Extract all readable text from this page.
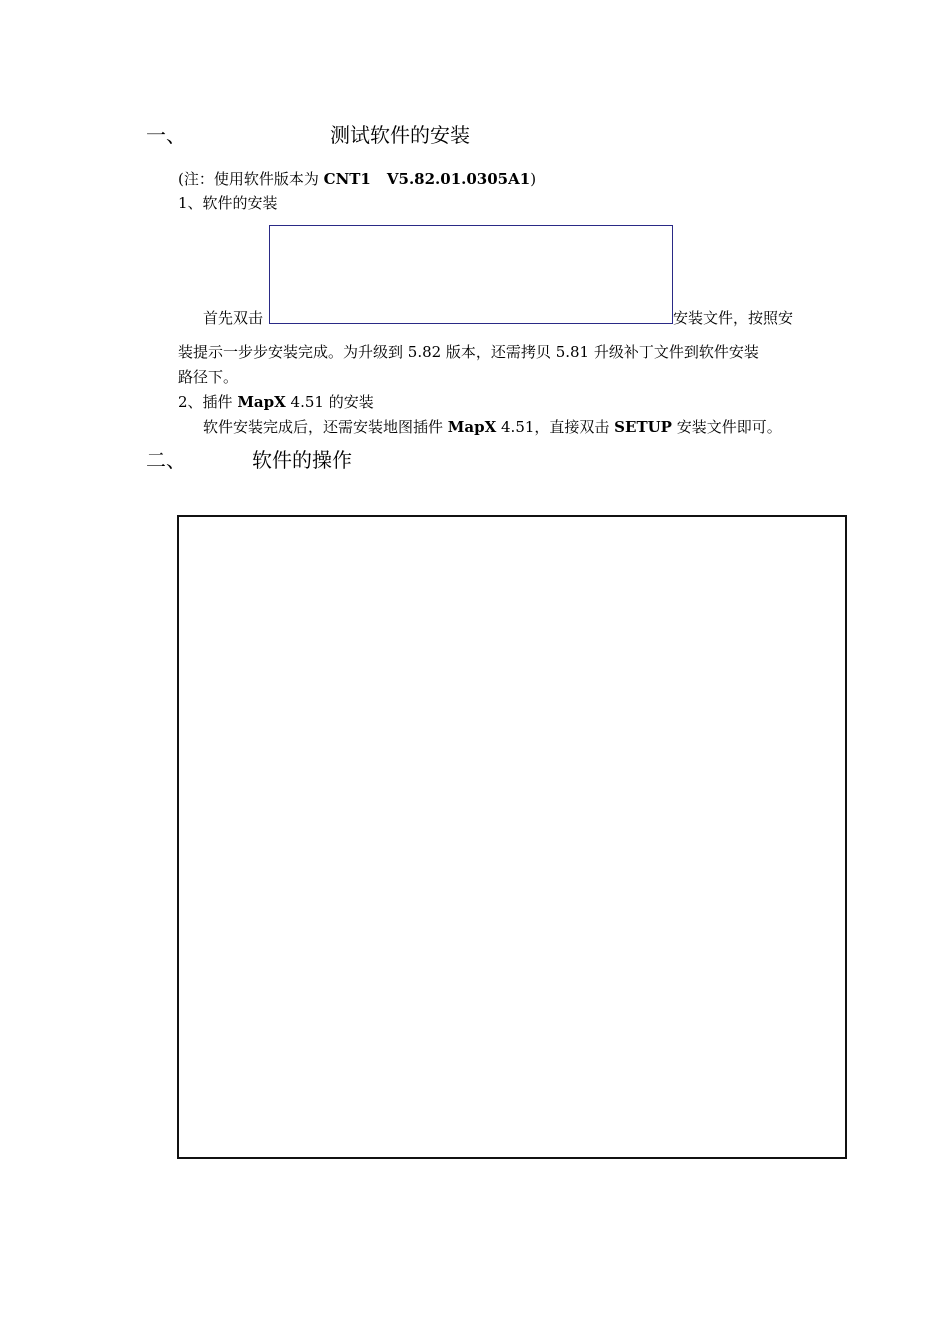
一、	测试软件的安装
(注：使用软件版本为 CNT1 V5.82.01.0305A1)
1、软件的安装
首先双击	安装文件，按照安
装提示一步步安装完成。为升级到 5.82 版本，还需拷贝 5.81 升级补丁文件到软件安装
路径下。
2、插件 MapX 4.51 的安装
软件安装完成后，还需安装地图插件 MapX 4.51，直接双击 SETUP 安装文件即可。
二、	软件的操作
